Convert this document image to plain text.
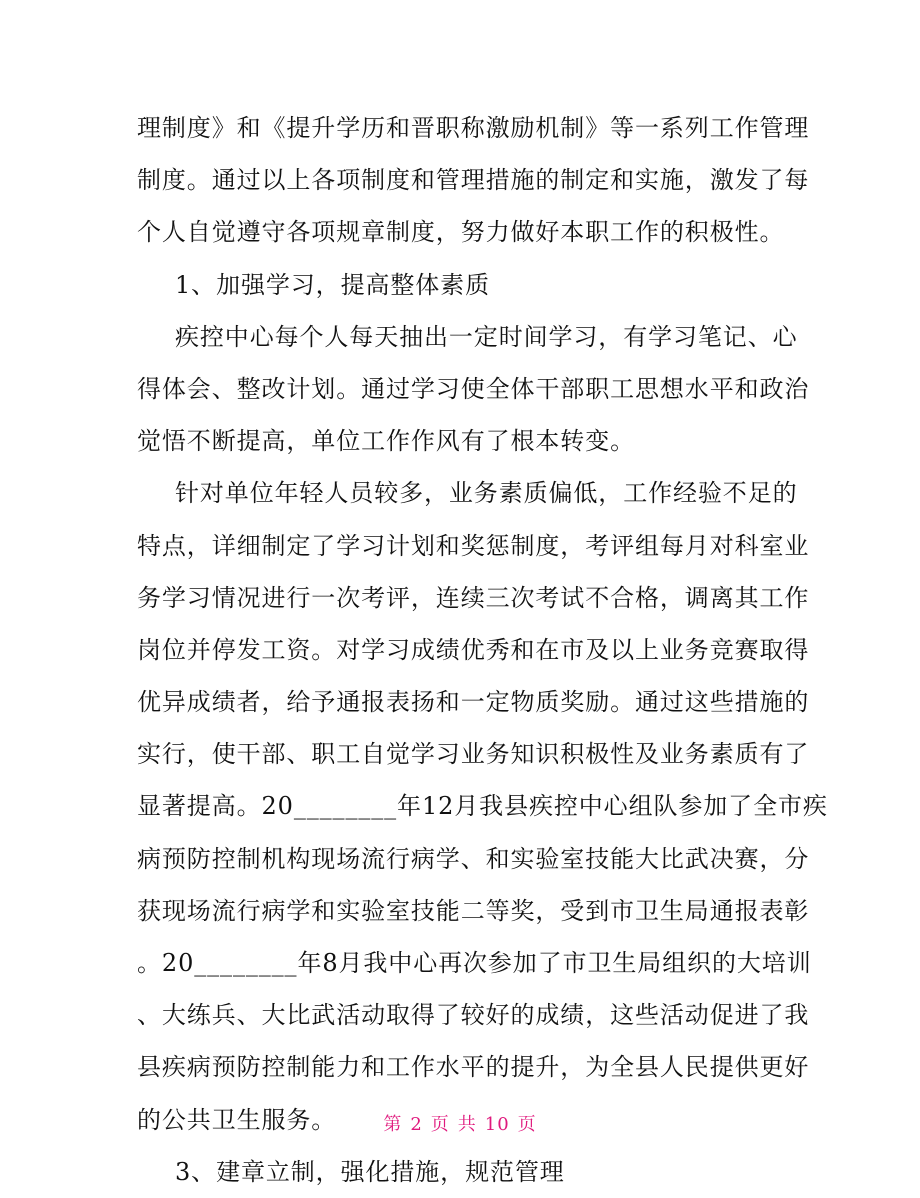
理制度》和《提升学历和晋职称激励机制》等一系列工作管理
制度。通过以上各项制度和管理措施的制定和实施，激发了每
个人自觉遵守各项规章制度，努力做好本职工作的积极性。
1、加强学习，提高整体素质
疾控中心每个人每天抽出一定时间学习，有学习笔记、心
得体会、整改计划。通过学习使全体干部职工思想水平和政治
觉悟不断提高，单位工作作风有了根本转变。
针对单位年轻人员较多，业务素质偏低，工作经验不足的
特点，详细制定了学习计划和奖惩制度，考评组每月对科室业
务学习情况进行一次考评，连续三次考试不合格，调离其工作
岗位并停发工资。对学习成绩优秀和在市及以上业务竞赛取得
优异成绩者，给予通报表扬和一定物质奖励。通过这些措施的
实行，使干部、职工自觉学习业务知识积极性及业务素质有了
显著提高。20________年12月我县疾控中心组队参加了全市疾
病预防控制机构现场流行病学、和实验室技能大比武决赛，分
获现场流行病学和实验室技能二等奖，受到市卫生局通报表彰
。20________年8月我中心再次参加了市卫生局组织的大培训
、大练兵、大比武活动取得了较好的成绩，这些活动促进了我
县疾病预防控制能力和工作水平的提升，为全县人民提供更好
的公共卫生服务。
3、建章立制，强化措施，规范管理
第 2 页 共 10 页
